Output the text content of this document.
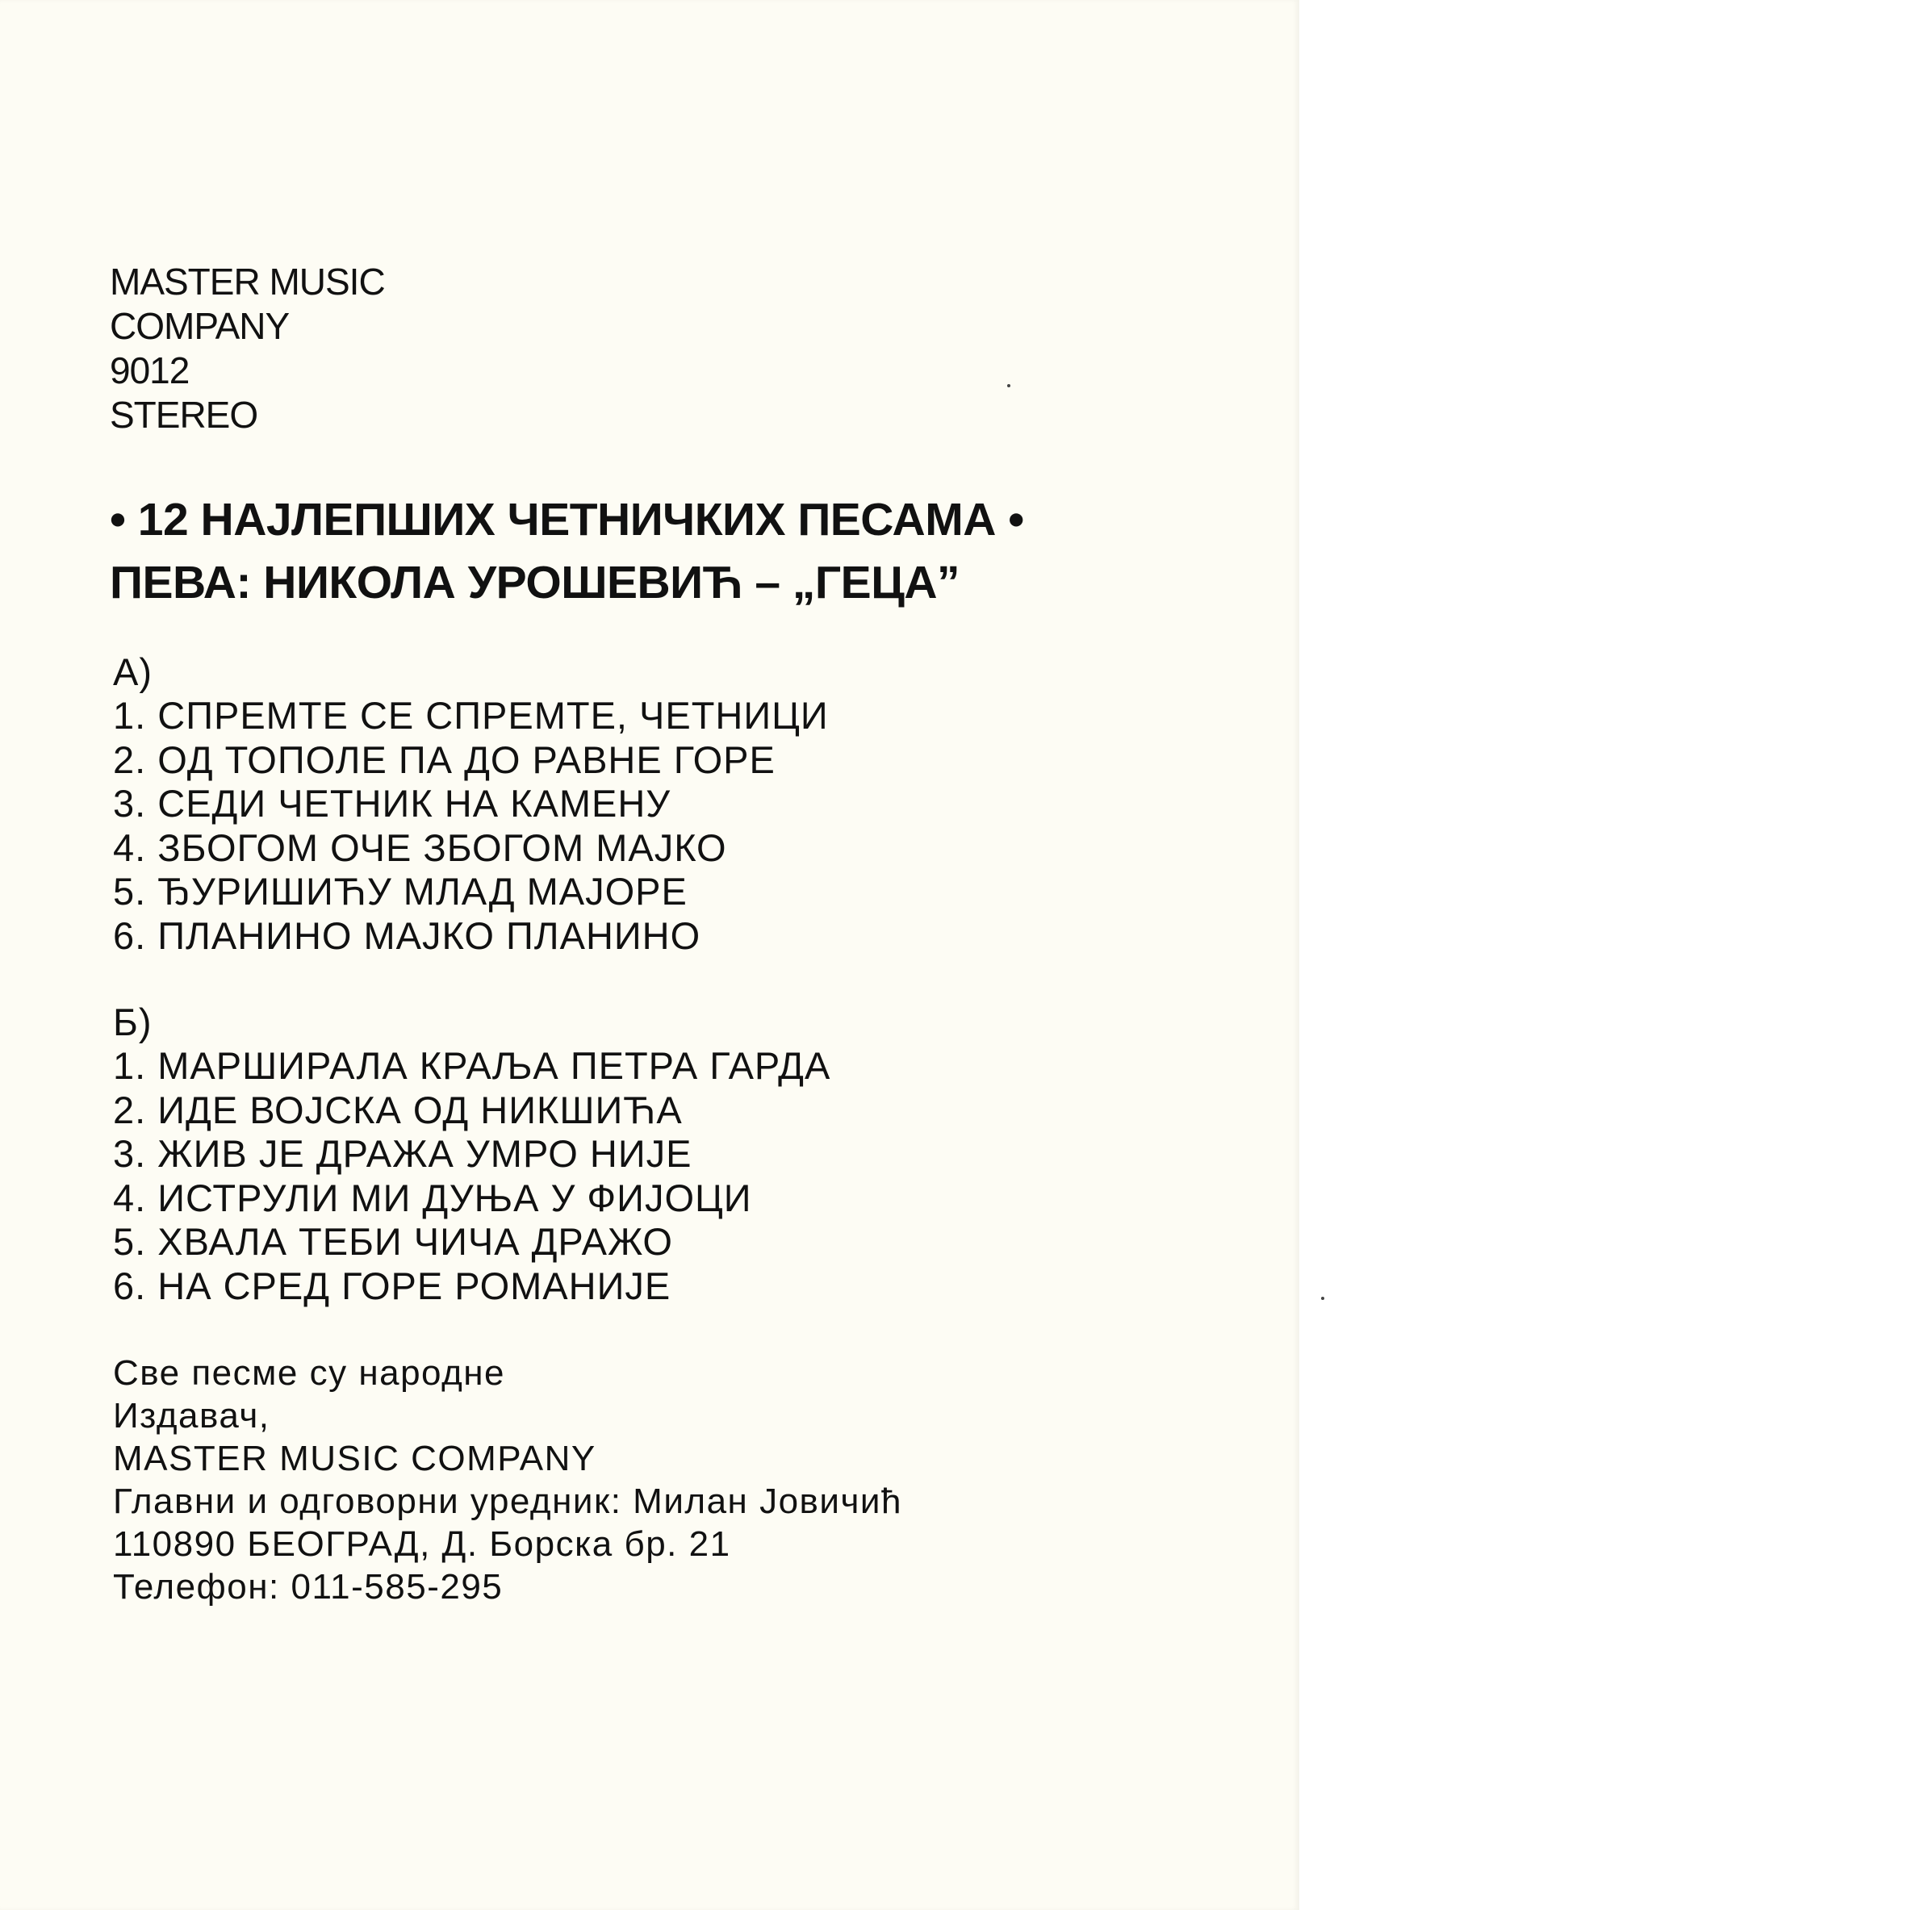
MASTER MUSIC
COMPANY
9012
STEREO
• 12 НАЈЛЕПШИХ ЧЕТНИЧКИХ ПЕСАМА •
ПЕВА: НИКОЛА УРОШЕВИЋ – „ГЕЦА”
А)
1. СПРЕМТЕ СЕ СПРЕМТЕ, ЧЕТНИЦИ
2. ОД ТОПОЛЕ ПА ДО РАВНЕ ГОРЕ
3. СЕДИ ЧЕТНИК НА КАМЕНУ
4. ЗБОГОМ ОЧЕ ЗБОГОМ МАЈКО
5. ЂУРИШИЋУ МЛАД МАЈОРЕ
6. ПЛАНИНО МАЈКО ПЛАНИНО
Б)
1. МАРШИРАЛА КРАЉА ПЕТРА ГАРДА
2. ИДЕ ВОЈСКА ОД НИКШИЋА
3. ЖИВ ЈЕ ДРАЖА УМРО НИЈЕ
4. ИСТРУЛИ МИ ДУЊА У ФИЈОЦИ
5. ХВАЛА ТЕБИ ЧИЧА ДРАЖО
6. НА СРЕД ГОРЕ РОМАНИЈЕ
Све песме су народне
Издавач,
MASTER MUSIC COMPANY
Главни и одговорни уредник: Милан Јовичић
110890 БЕОГРАД, Д. Борска бр. 21
Телефон: 011-585-295
